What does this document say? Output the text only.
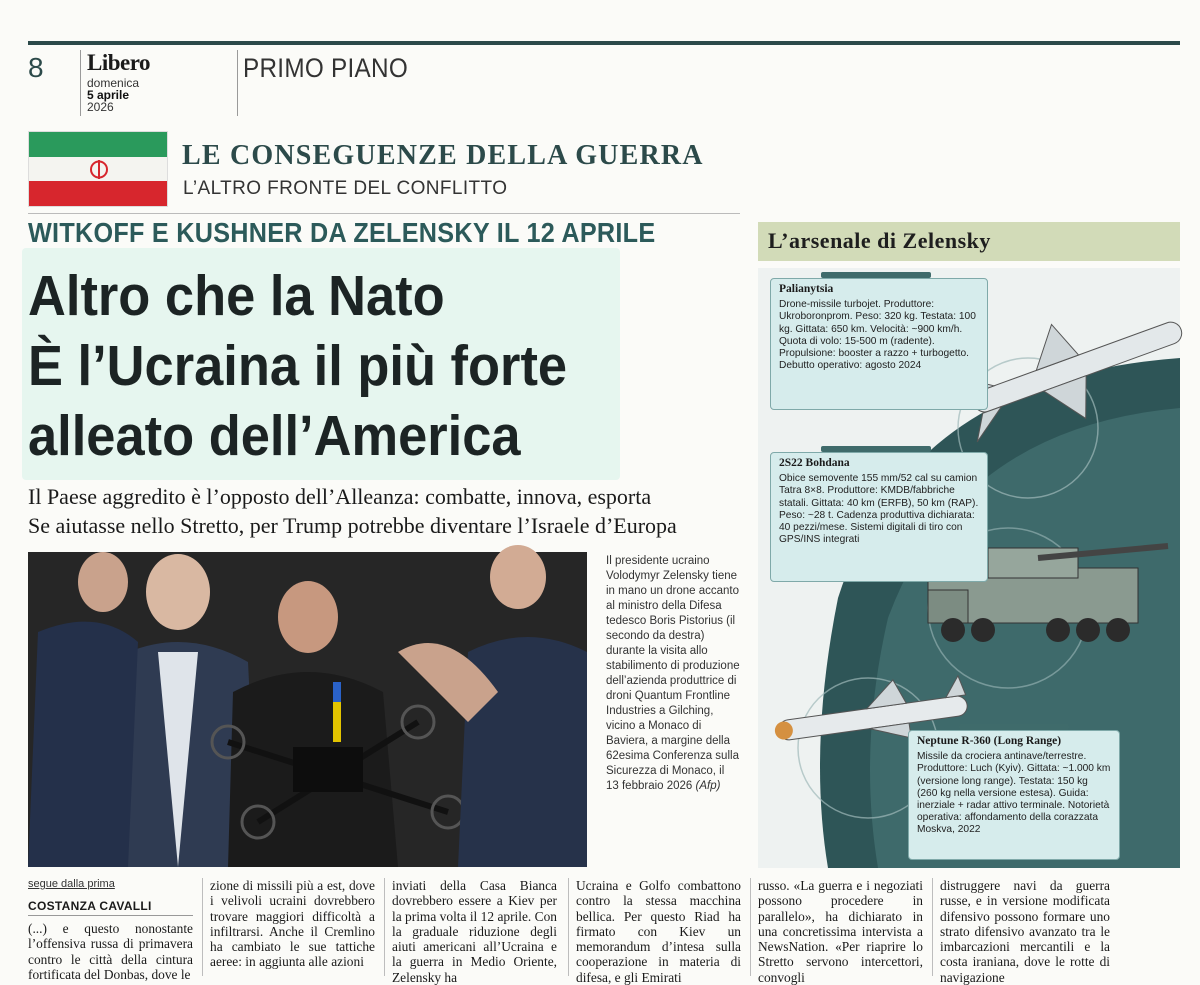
8 Libero
domenica
5 aprile
2026
PRIMO PIANO
LE CONSEGUENZE DELLA GUERRA
L’ALTRO FRONTE DEL CONFLITTO
WITKOFF E KUSHNER DA ZELENSKY IL 12 APRILE
Altro che la Nato
È l’Ucraina il più forte
alleato dell’America
Il Paese aggredito è l’opposto dell’Alleanza: combatte, innova, esporta
Se aiutasse nello Stretto, per Trump potrebbe diventare l’Israele d’Europa
Il presidente ucraino Volodymyr Zelensky tiene in mano un drone accanto al ministro della Difesa tedesco Boris Pistorius (il secondo da destra) durante la visita allo stabilimento di produzione dell’azienda produttrice di droni Quantum Frontline Industries a Gilching, vicino a Monaco di Baviera, a margine della 62esima Conferenza sulla Sicurezza di Monaco, il 13 febbraio 2026 (Afp)
segue dalla prima
COSTANZA CAVALLI
(...) e questo nonostante l’offensiva russa di primavera contro le città della cintura fortificata del Donbas, dove le
zione di missili più a est, dove i velivoli ucraini dovrebbero trovare maggiori difficoltà a infiltrarsi. Anche il Cremlino ha cambiato le sue tattiche aeree: in aggiunta alle azioni
inviati della Casa Bianca dovrebbero essere a Kiev per la prima volta il 12 aprile. Con la graduale riduzione degli aiuti americani all’Ucraina e la guerra in Medio Oriente, Zelensky ha
Ucraina e Golfo combattono contro la stessa macchina bellica. Per questo Riad ha firmato con Kiev un memorandum d’intesa sulla cooperazione in materia di difesa, e gli Emirati
russo. «La guerra e i negoziati possono procedere in parallelo», ha dichiarato in una concretissima intervista a NewsNation. «Per riaprire lo Stretto servono intercettori, convogli
distruggere navi da guerra russe, e in versione modificata difensivo possono formare uno strato difensivo avanzato tra le imbarcazioni mercantili e la costa iraniana, dove le rotte di navigazione
L’arsenale di Zelensky
Palianytsia
Drone-missile turbojet. Produttore: Ukroboronprom. Peso: 320 kg. Testata: 100 kg. Gittata: 650 km. Velocità: ~900 km/h. Quota di volo: 15-500 m (radente). Propulsione: booster a razzo + turbogetto. Debutto operativo: agosto 2024
2S22 Bohdana
Obice semovente 155 mm/52 cal su camion Tatra 8×8. Produttore: KMDB/fabbriche statali. Gittata: 40 km (ERFB), 50 km (RAP). Peso: ~28 t. Cadenza produttiva dichiarata: 40 pezzi/mese. Sistemi digitali di tiro con GPS/INS integrati
Neptune R-360 (Long Range)
Missile da crociera antinave/terrestre. Produttore: Luch (Kyiv). Gittata: ~1.000 km (versione long range). Testata: 150 kg (260 kg nella versione estesa). Guida: inerziale + radar attivo terminale. Notorietà operativa: affondamento della corazzata Moskva, 2022
